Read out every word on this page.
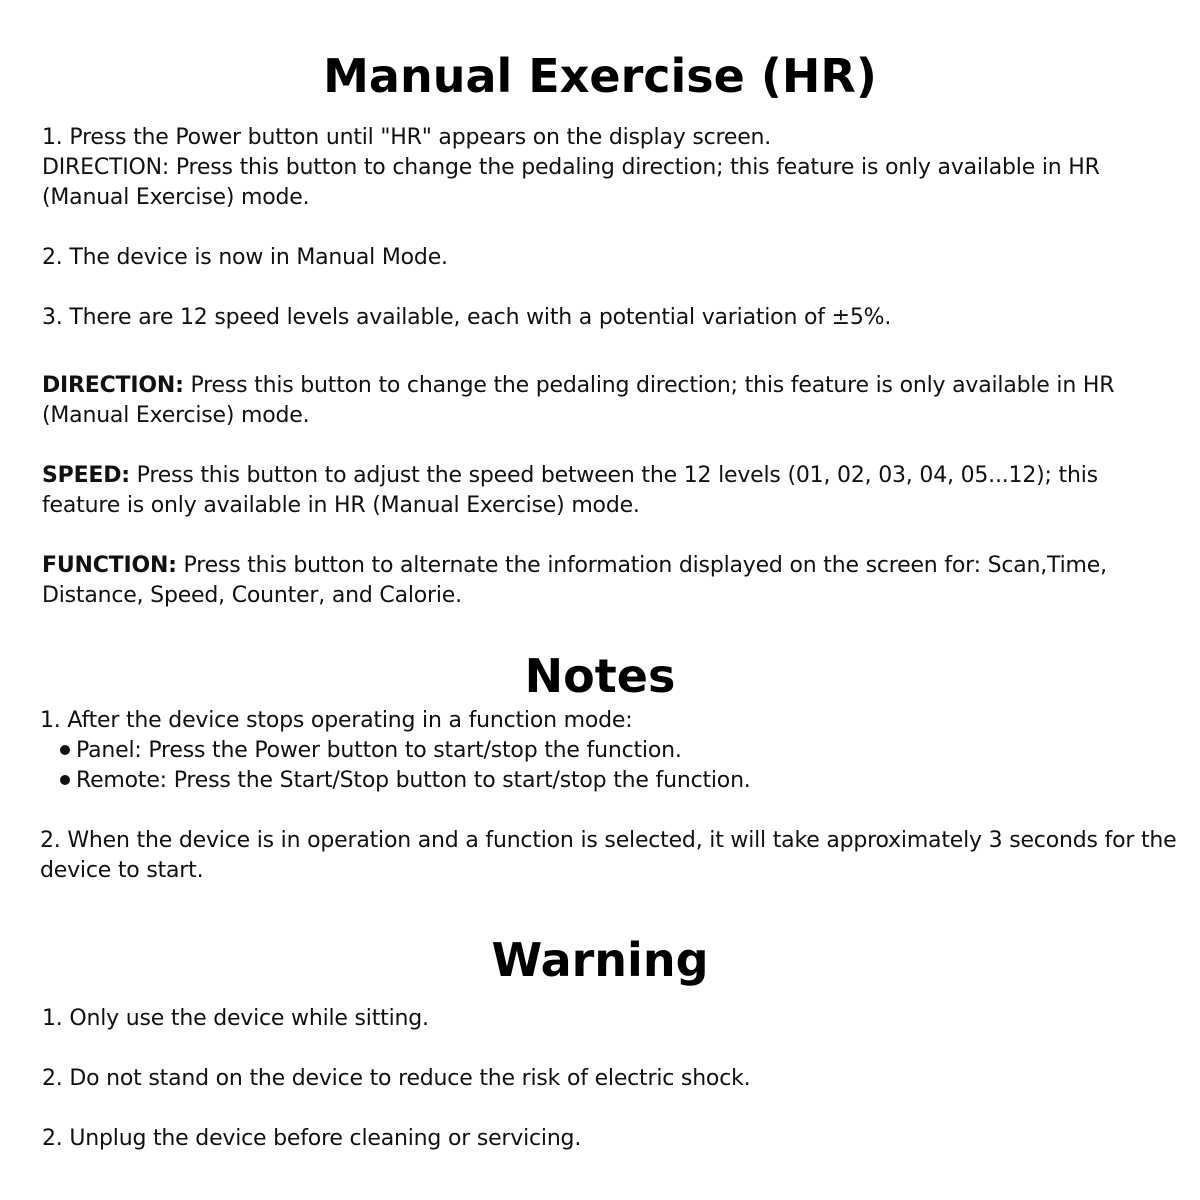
Manual Exercise (HR)

1. Press the Power button until "HR" appears on the display screen.
DIRECTION: Press this button to change the pedaling direction; this feature is only available in HR (Manual Exercise) mode.

2. The device is now in Manual Mode.

3. There are 12 speed levels available, each with a potential variation of ±5%.

DIRECTION: Press this button to change the pedaling direction; this feature is only available in HR (Manual Exercise) mode.

SPEED: Press this button to adjust the speed between the 12 levels (01, 02, 03, 04, 05...12); this feature is only available in HR (Manual Exercise) mode.

FUNCTION: Press this button to alternate the information displayed on the screen for: Scan,Time, Distance, Speed, Counter, and Calorie.

Notes

1. After the device stops operating in a function mode:

Panel: Press the Power button to start/stop the function.
Remote: Press the Start/Stop button to start/stop the function.

2. When the device is in operation and a function is selected, it will take approximately 3 seconds for the device to start.

Warning

1. Only use the device while sitting.

2. Do not stand on the device to reduce the risk of electric shock.

2. Unplug the device before cleaning or servicing.
